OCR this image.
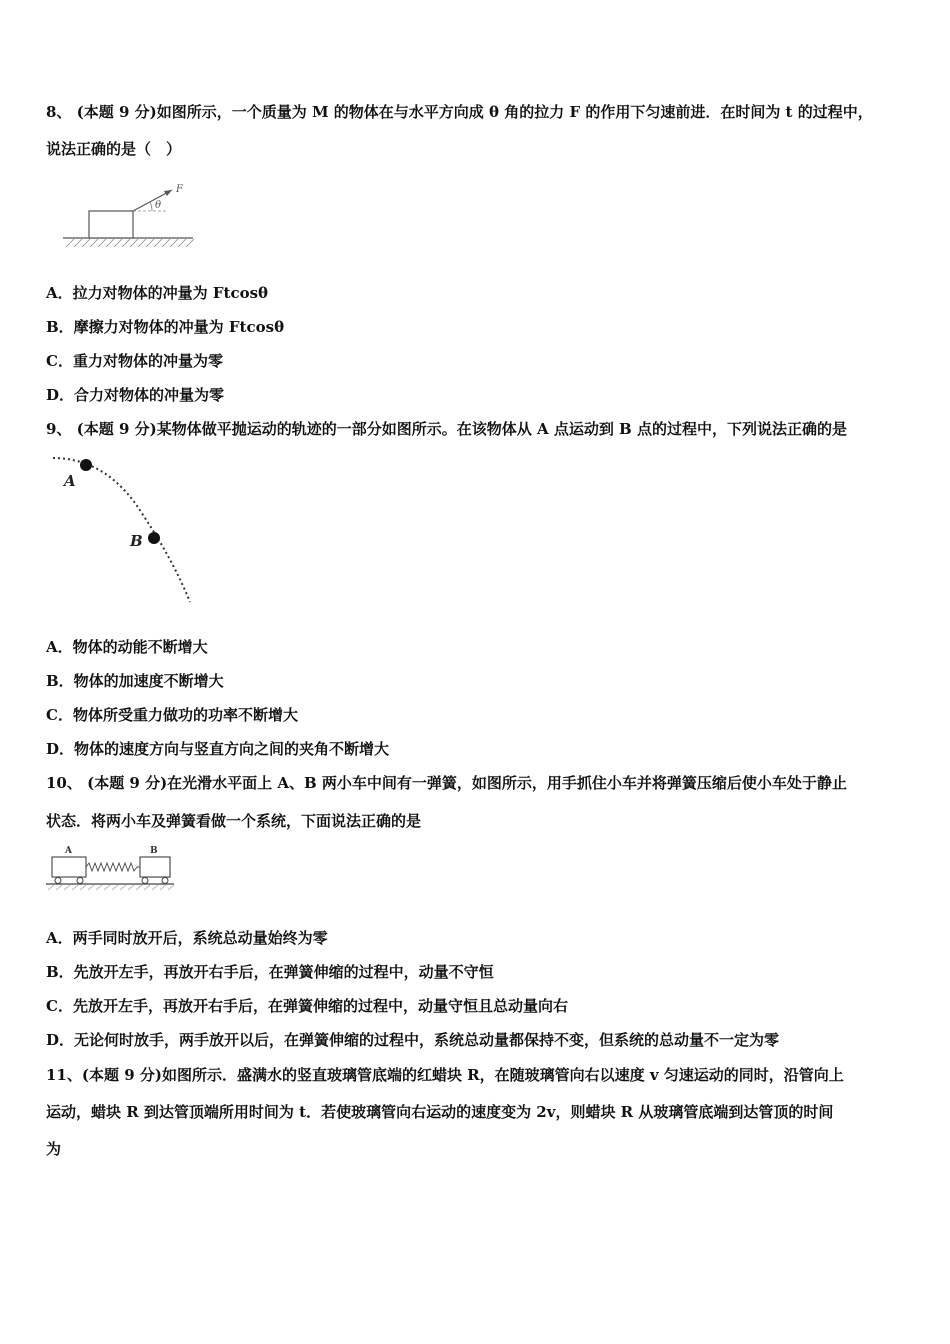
8、 (本题 9 分)如图所示，一个质量为 M 的物体在与水平方向成 θ 角的拉力 F 的作用下匀速前进．在时间为 t 的过程中，
说法正确的是（　）
θ
F
A．拉力对物体的冲量为 Ftcosθ
B．摩擦力对物体的冲量为 Ftcosθ
C．重力对物体的冲量为零
D．合力对物体的冲量为零
9、 (本题 9 分)某物体做平抛运动的轨迹的一部分如图所示。在该物体从 A 点运动到 B 点的过程中，下列说法正确的是
A
B
A．物体的动能不断增大
B．物体的加速度不断增大
C．物体所受重力做功的功率不断增大
D．物体的速度方向与竖直方向之间的夹角不断增大
10、 (本题 9 分)在光滑水平面上 A、B 两小车中间有一弹簧，如图所示，用手抓住小车并将弹簧压缩后使小车处于静止
状态．将两小车及弹簧看做一个系统，下面说法正确的是
A	B
A．两手同时放开后，系统总动量始终为零
B．先放开左手，再放开右手后，在弹簧伸缩的过程中，动量不守恒
C．先放开左手，再放开右手后，在弹簧伸缩的过程中，动量守恒且总动量向右
D．无论何时放手，两手放开以后，在弹簧伸缩的过程中，系统总动量都保持不变，但系统的总动量不一定为零
11、(本题 9 分)如图所示．盛满水的竖直玻璃管底端的红蜡块 R，在随玻璃管向右以速度 v 匀速运动的同时，沿管向上
运动，蜡块 R 到达管顶端所用时间为 t．若使玻璃管向右运动的速度变为 2v，则蜡块 R 从玻璃管底端到达管顶的时间
为
